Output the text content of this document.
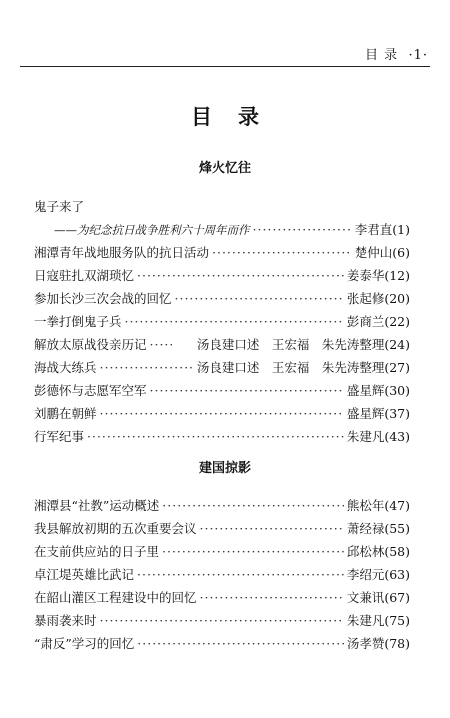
目 录 ·1·
目录
烽火忆往
鬼子来了
——为纪念抗日战争胜利六十周年而作 ·····	李君直 (1)
湘潭青年战地服务队的抗日活动 ·····	楚仲山 (6)
日寇驻扎双湖琐忆 ·····	姜泰华 (12)
参加长沙三次会战的回忆 ·····	张起修 (20)
一拳打倒鬼子兵 ·····	彭商兰 (22)
解放太原战役亲历记 ·····	汤良建口述　王宏福　朱先涛整理 (24)
海战大练兵 ·····	汤良建口述　王宏福　朱先涛整理 (27)
彭德怀与志愿军空军 ·····	盛星辉 (30)
刘鹏在朝鲜 ·····	盛星辉 (37)
行军纪事 ·····	朱建凡 (43)
建国掠影
湘潭县“社教”运动概述 ·····	熊松年 (47)
我县解放初期的五次重要会议 ·····	萧经禄 (55)
在支前供应站的日子里 ·····	邱松林 (58)
卓江堤英雄比武记 ·····	李绍元 (63)
在韶山灌区工程建设中的回忆 ·····	文兼讯 (67)
暴雨袭来时 ·····	朱建凡 (75)
“肃反”学习的回忆 ·····	汤孝赞 (78)
